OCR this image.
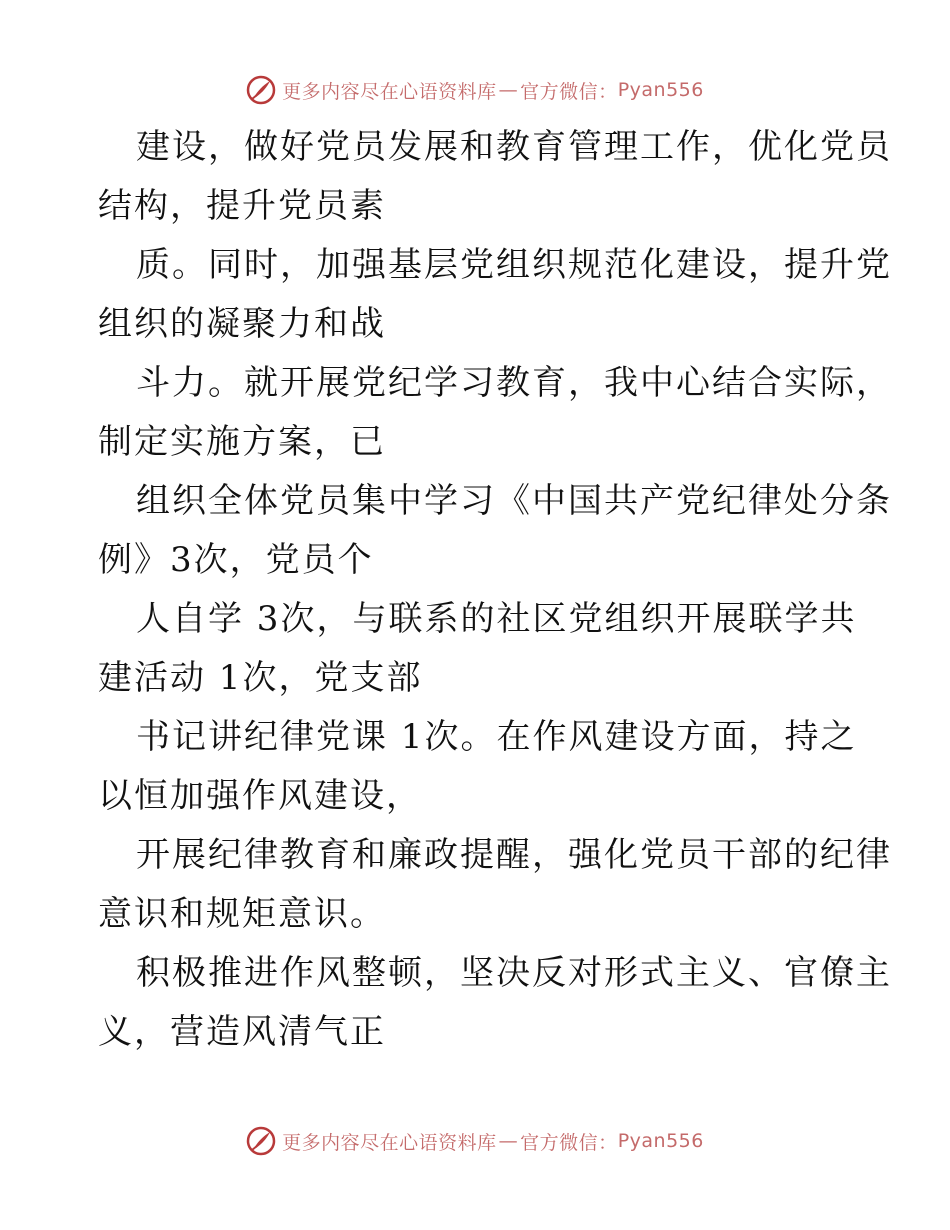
更多内容尽在心语资料库 — 官方微信： Pyan556
建设，做好党员发展和教育管理工作，优化党员
结构，提升党员素
质。同时，加强基层党组织规范化建设，提升党
组织的凝聚力和战
斗力。就开展党纪学习教育，我中心结合实际，
制定实施方案，已
组织全体党员集中学习《中国共产党纪律处分条
例》3次，党员个
人自学 3次，与联系的社区党组织开展联学共
建活动 1次，党支部
书记讲纪律党课 1次。在作风建设方面，持之
以恒加强作风建设，
开展纪律教育和廉政提醒，强化党员干部的纪律
意识和规矩意识。
积极推进作风整顿，坚决反对形式主义、官僚主
义，营造风清气正
更多内容尽在心语资料库 — 官方微信： Pyan556
